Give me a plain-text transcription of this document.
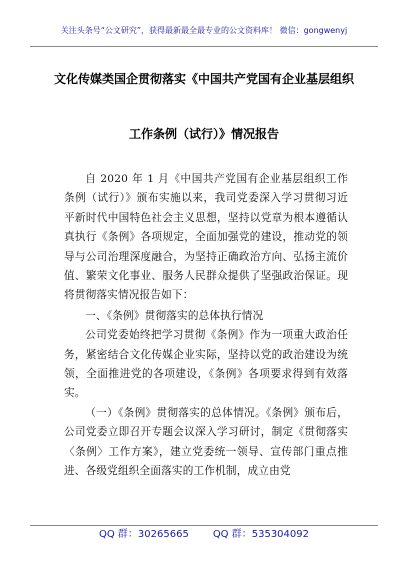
关注头条号“公文研究”，获得最新最全最专业的公文资料库！ 微信：gongwenyj
文化传媒类国企贯彻落实《中国共产党国有企业基层组织
工作条例（试行）》情况报告

自 2020 年 1 月《中国共产党国有企业基层组织工作条例（试行）》颁布实施以来，我司党委深入学习贯彻习近平新时代中国特色社会主义思想，坚持以党章为根本遵循认真执行《条例》各项规定，全面加强党的建设，推动党的领导与公司治理深度融合，为坚持正确政治方向、弘扬主流价值、繁荣文化事业、服务人民群众提供了坚强政治保证。现将贯彻落实情况报告如下：

一、《条例》贯彻落实的总体执行情况

公司党委始终把学习贯彻《条例》作为一项重大政治任务，紧密结合文化传媒企业实际，坚持以党的政治建设为统领，全面推进党的各项建设，《条例》各项要求得到有效落实。

（一）《条例》贯彻落实的总体情况。《条例》颁布后，公司党委立即召开专题会议深入学习研讨，制定《贯彻落实〈条例〉工作方案》，建立党委统一领导、宣传部门重点推进、各级党组织全面落实的工作机制，成立由党

QQ 群：30265665 QQ 群：535304092
